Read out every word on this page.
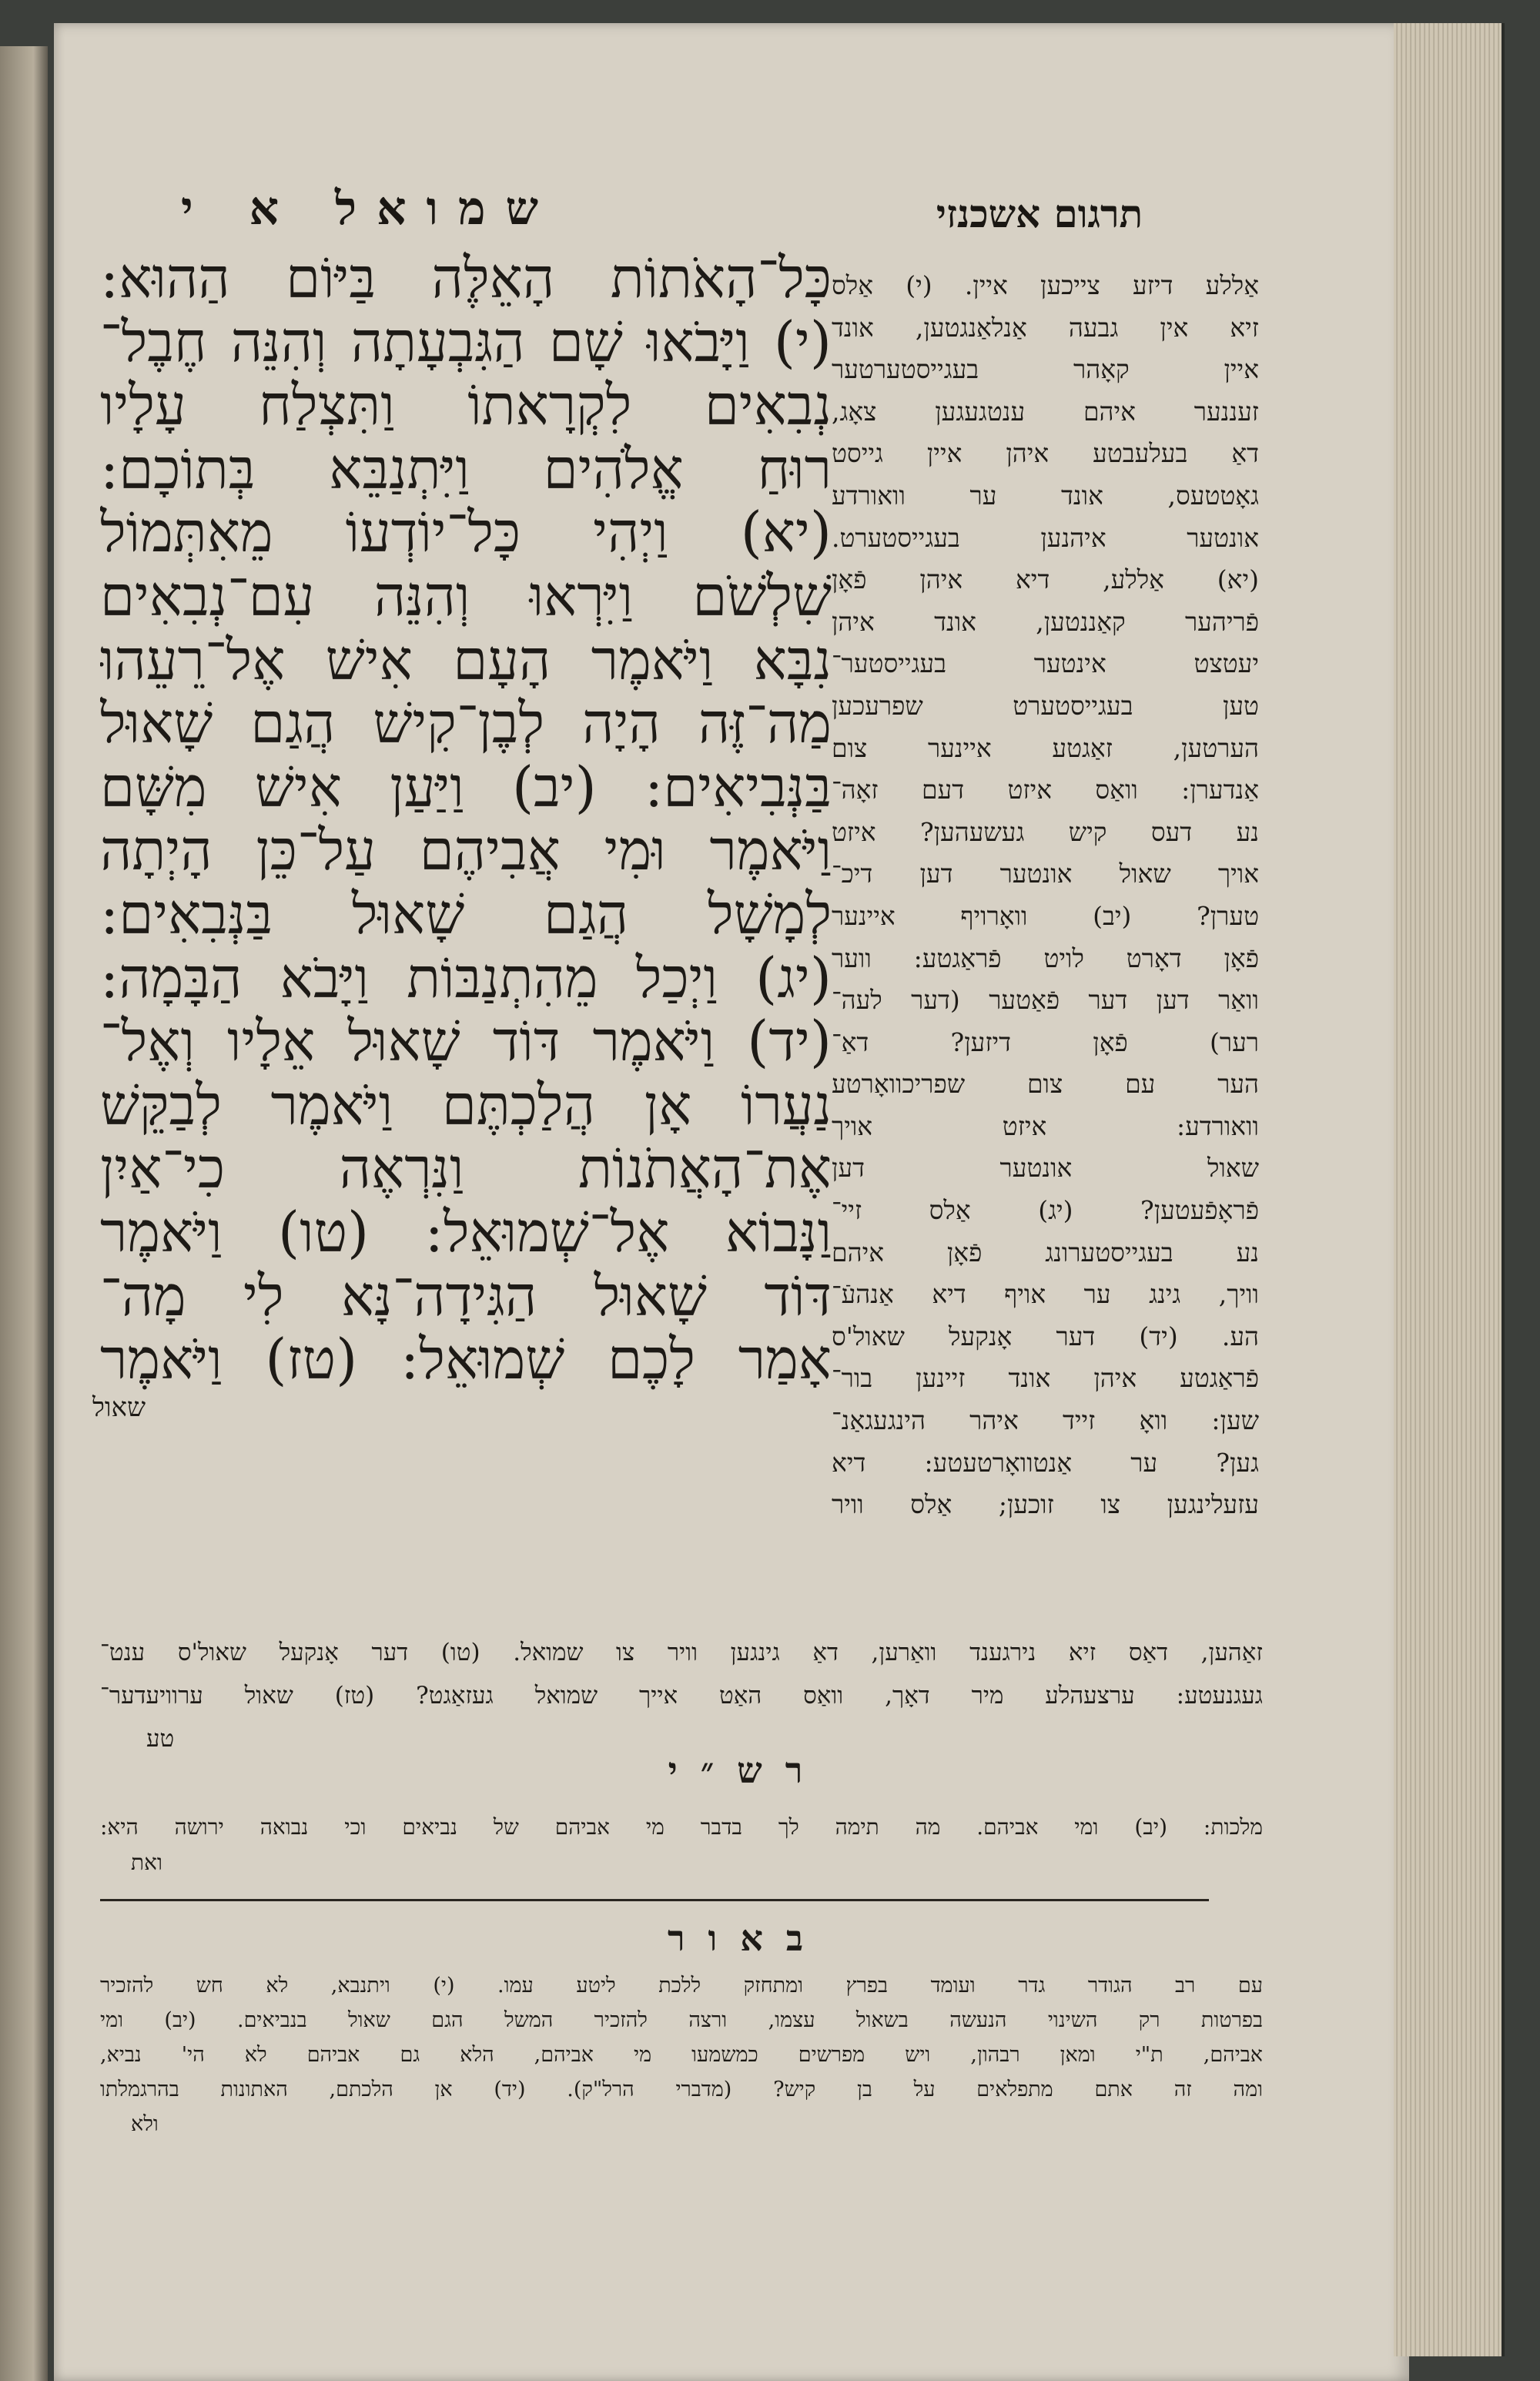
שמואל א י	תרגום אשכנזי
כָּל־הָאֹתוֹת הָאֵלֶּה בַּיּוֹם הַהוּא:
(י) וַיָּבֹאוּ שָׁם הַגִּבְעָתָה וְהִנֵּה חֶבֶל־
נְבִאִים לִקְרָאתוֹ וַתִּצְלַח עָלָיו
רוּחַ אֱלֹהִים וַיִּתְנַבֵּא בְּתוֹכָם:
(יא) וַיְהִי כָּל־יוֹדְעוֹ מֵאִתְּמוֹל
שִׁלְשֹׁם וַיִּרְאוּ וְהִנֵּה עִם־נְבִאִים
נִבָּא וַיֹּאמֶר הָעָם אִישׁ אֶל־רֵעֵהוּ
מַה־זֶּה הָיָה לְבֶן־קִישׁ הֲגַם שָׁאוּל
בַּנְּבִיאִים: (יב) וַיַּעַן אִישׁ מִשָּׁם
וַיֹּאמֶר וּמִי אֲבִיהֶם עַל־כֵּן הָיְתָה
לְמָשָׁל הֲגַם שָׁאוּל בַּנְּבִאִים:
(יג) וַיְכַל מֵהִתְנַבּוֹת וַיָּבֹא הַבָּמָה:
(יד) וַיֹּאמֶר דּוֹד שָׁאוּל אֵלָיו וְאֶל־
נַעֲרוֹ אָן הֲלַכְתֶּם וַיֹּאמֶר לְבַקֵּשׁ
אֶת־הָאֲתֹנוֹת וַנִּרְאֶה כִי־אַיִן
וַנָּבוֹא אֶל־שְׁמוּאֵל: (טו) וַיֹּאמֶר
דּוֹד שָׁאוּל הַגִּידָה־נָּא לִי מָה־
אָמַר לָכֶם שְׁמוּאֵל: (טז) וַיֹּאמֶר
שאול
אַללע דיזע צייכען איין. (י) אַלס
זיא אין גבעה אַנלאַנגטען, אונד
איין קאָהר בעגייסטערטער
זעננער איהם ענטגעגען צאָג,
דאַ בעלעבטע איהן איין גייסט
גאָטטעס, אונד ער וואורדע
אונטער איהנען בעגייסטערט.
(יא) אַללע, דיא איהן פֿאָן
פֿריהער קאַננטען, אונד איהן
יעטצט אינטער בעגייסטער־
טען בעגייסטערט שפרעכען
הערטען, זאַגטע איינער צום
אַנדערן: וואַס איזט דעם זאָה־
נע דעס קיש געשעהען? איזט
אויך שאול אונטער דען דיכ־
טערן? (יב) וואָרויף איינער
פֿאָן דאָרט לויט פֿראַגטע: ווער
וואַר דען דער פֿאַטער (דער לעה־
רער) פֿאָן דיזען? דאַ־
הער עם צום שפריכוואָרטע
וואורדע: איזט אויך
שאול אונטער דען
פֿראָפֿעטען? (יג) אַלס זיי־
נע בעגייסטערונג פֿאָן איהם
וויך, גינג ער אויף דיא אַנהעֿ־
הע. (יד) דער אָנקעל שאול'ס
פֿראַגטע איהן אונד זיינען בור־
שען: וואָ זייד איהר הינגעגאַנ־
גען? ער אַנטוואָרטעטע: דיא
עזעלינגען צו זוכען; אַלס וויר
זאַהען, דאַס זיא נירגענד וואַרען, דאַ גינגען וויר צו שמואל. (טו) דער אָנקעל שאול'ס ענט־
געגנעטע: ערצעהלע מיר דאָך, וואַס האַט אייך שמואל געזאַגט? (טז) שאול ערוויעדער־
טע
רש״י
מלכות: (יב) ומי אביהם. מה תימה לך בדבר מי אביהם של נביאים וכי נבואה ירושה היא:
ואת
באור
עם רב הגודר גדר ועומד בפרץ ומתחזק ללכת ליטע עמו. (י) ויתנבא, לא חש להזכיר
בפרטות רק השינוי הנעשה בשאול עצמו, ורצה להזכיר המשל הגם שאול בנביאים. (יב) ומי
אביהם, ת"י ומאן רבהון, ויש מפרשים כמשמעו מי אביהם, הלא גם אביהם לא הי' נביא,
ומה זה אתם מתפלאים על בן קיש? (מדברי הרל"ק). (יד) אן הלכתם, האתונות בהרגמלתו
ולא
